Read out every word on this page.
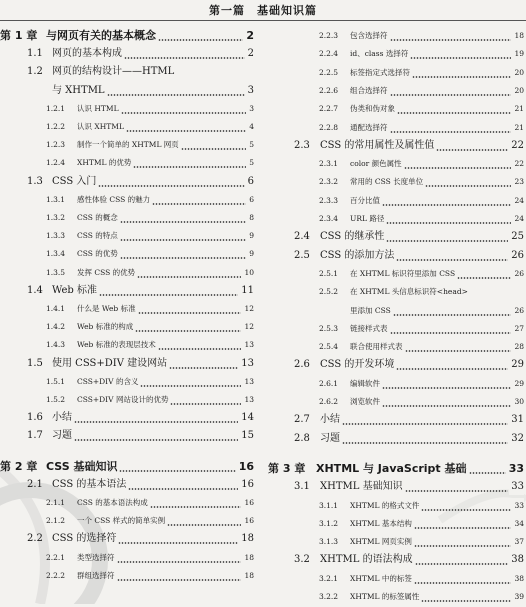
第一篇　基础知识篇
第 1 章 与网页有关的基本概念	2
1.1 网页的基本构成	2
1.2 网页的结构设计——HTML
与 XHTML	3
1.2.1 认识 HTML	3
1.2.2 认识 XHTML	4
1.2.3 制作一个简单的 XHTML 网页	5
1.2.4 XHTML 的优势	5
1.3 CSS 入门	6
1.3.1 感性体验 CSS 的魅力	6
1.3.2 CSS 的概念	8
1.3.3 CSS 的特点	9
1.3.4 CSS 的优势	9
1.3.5 发挥 CSS 的优势	10
1.4 Web 标准	11
1.4.1 什么是 Web 标准	12
1.4.2 Web 标准的构成	12
1.4.3 Web 标准的表现层技术	13
1.5 使用 CSS+DIV 建设网站	13
1.5.1 CSS+DIV 的含义	13
1.5.2 CSS+DIV 网站设计的优势	13
1.6 小结	14
1.7 习题	15
第 2 章 CSS 基础知识	16
2.1 CSS 的基本语法	16
2.1.1 CSS 的基本语法构成	16
2.1.2 一个 CSS 样式的简单实例	16
2.2 CSS 的选择符	18
2.2.1 类型选择符	18
2.2.2 群组选择符	18
2.2.3 包含选择符	18
2.2.4 id、class 选择符	19
2.2.5 标签指定式选择符	20
2.2.6 组合选择符	20
2.2.7 伪类和伪对象	21
2.2.8 通配选择符	21
2.3 CSS 的常用属性及属性值	22
2.3.1 color 颜色属性	22
2.3.2 常用的 CSS 长度单位	23
2.3.3 百分比值	24
2.3.4 URL 路径	24
2.4 CSS 的继承性	25
2.5 CSS 的添加方法	26
2.5.1 在 XHTML 标识符里添加 CSS	26
2.5.2 在 XHTML 头信息标识符<head>
里添加 CSS	26
2.5.3 链接样式表	27
2.5.4 联合使用样式表	28
2.6 CSS 的开发环境	29
2.6.1 编辑软件	29
2.6.2 浏览软件	30
2.7 小结	31
2.8 习题	32
第 3 章 XHTML 与 JavaScript 基础	33
3.1 XHTML 基础知识	33
3.1.1 XHTML 的格式文件	33
3.1.2 XHTML 基本结构	34
3.1.3 XHTML 网页实例	37
3.2 XHTML 的语法构成	38
3.2.1 XHTML 中的标签	38
3.2.2 XHTML 的标签属性	39
